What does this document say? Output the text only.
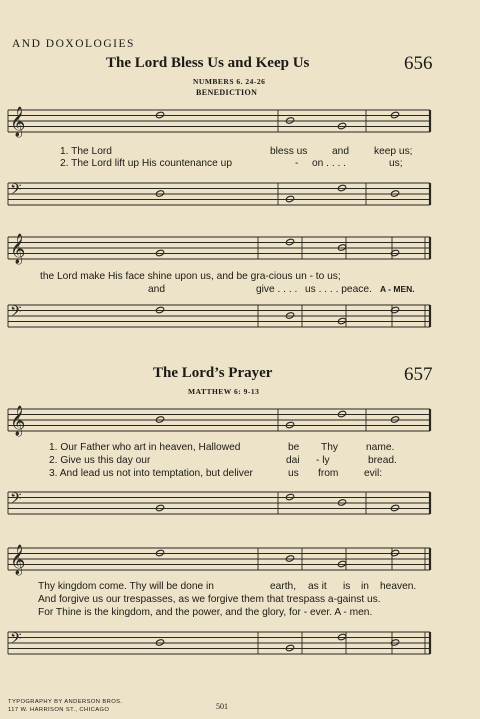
𝄞
𝄢
𝄞
𝄢
𝄞
𝄢
𝄞
𝄢
AND DOXOLOGIES
The Lord Bless Us and Keep Us	656
NUMBERS 6. 24-26
BENEDICTION
1. The Lord	bless us and keep us;
2. The Lord lift up His countenance up	- on . . . .	us;
the Lord make His face shine upon us, and be gra-cious un - to us;
and	give . . . . us . . . . peace. A - MEN.
The Lord’s Prayer	657
MATTHEW 6: 9-13
1. Our Father who art in heaven, Hallowed	be Thy	name.
2. Give us this day our	dai - ly	bread.
3. And lead us not into temptation, but deliver	us from	evil:
Thy kingdom come. Thy will be done in	earth, as it is in heaven.
And forgive us our trespasses, as we forgive them that trespass a-gainst us.
For Thine is the kingdom, and the power, and the glory, for - ever. A - men.
TYPOGRAPHY BY ANDERSON BROS.
117 W. HARRISON ST., CHICAGO	501
